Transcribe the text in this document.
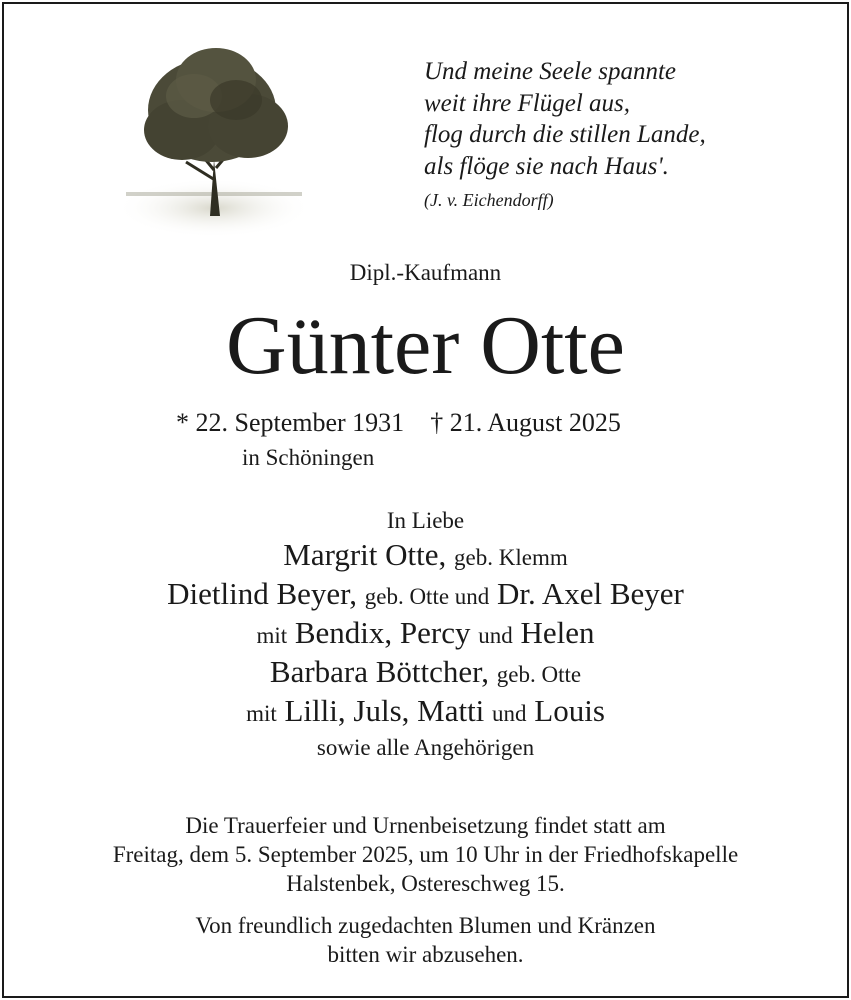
Und meine Seele spannte
weit ihre Flügel aus,
flog durch die stillen Lande,
als flöge sie nach Haus'.
(J. v. Eichendorff)
Dipl.-Kaufmann
Günter Otte
* 22. September 1931 † 21. August 2025
in Schöningen
In Liebe
Margrit Otte, geb. Klemm
Dietlind Beyer, geb. Otte und Dr. Axel Beyer
mit Bendix, Percy und Helen
Barbara Böttcher, geb. Otte
mit Lilli, Juls, Matti und Louis
sowie alle Angehörigen
Die Trauerfeier und Urnenbeisetzung findet statt am
Freitag, dem 5. September 2025, um 10 Uhr in der Friedhofskapelle
Halstenbek, Ostereschweg 15.
Von freundlich zugedachten Blumen und Kränzen
bitten wir abzusehen.
